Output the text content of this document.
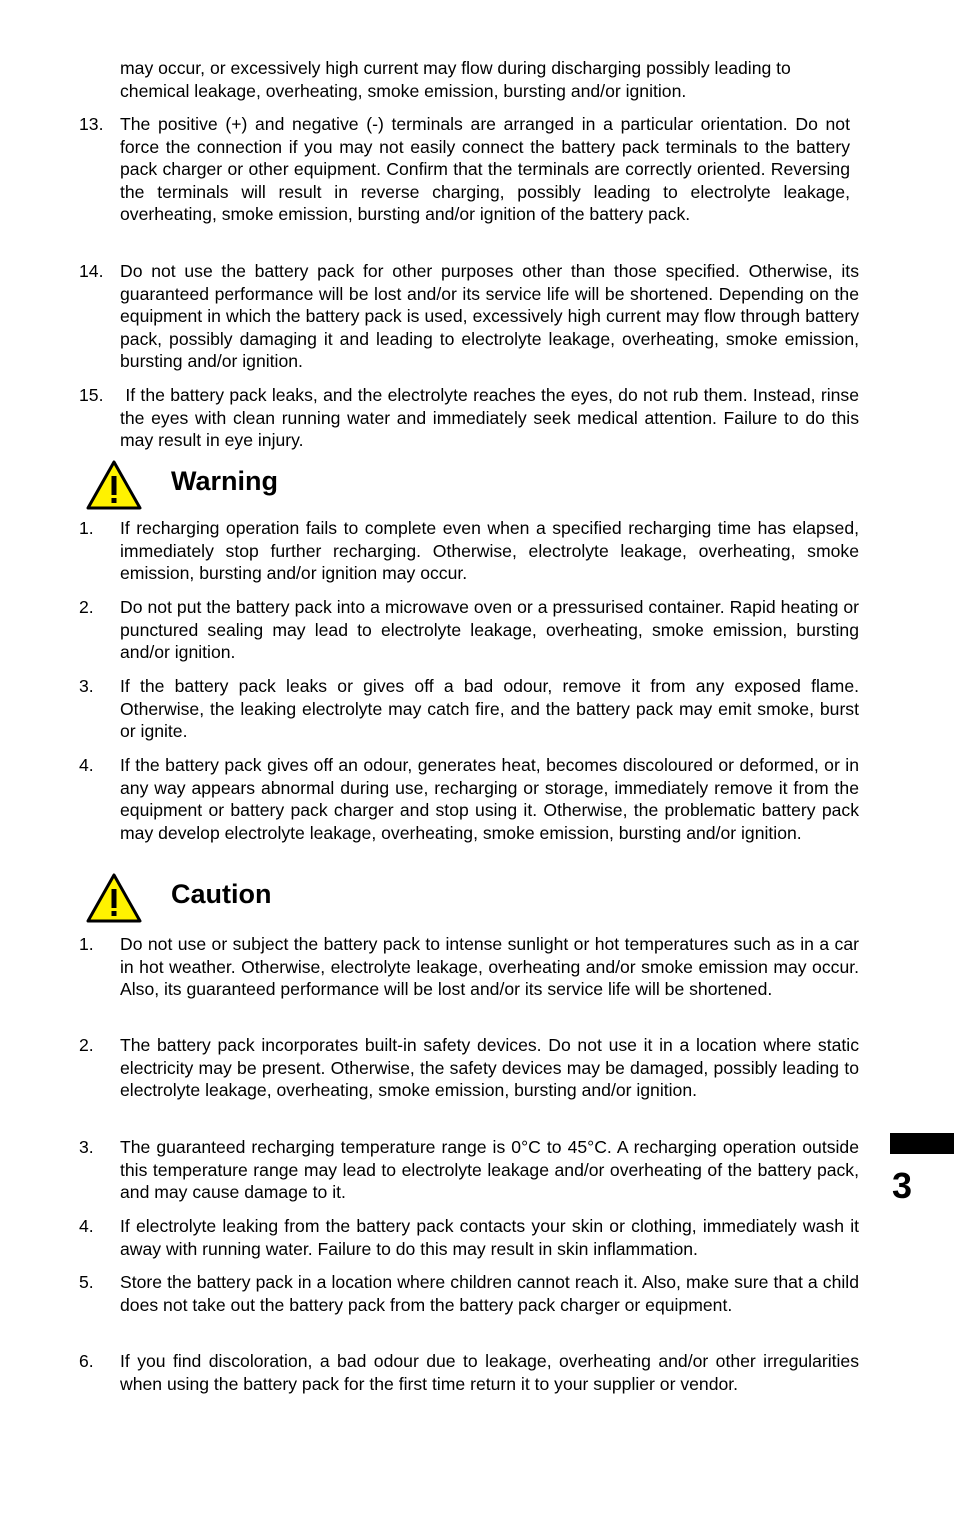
may occur, or excessively high current may flow during discharging possibly leading to chemical leakage, overheating, smoke emission, bursting and/or ignition.
13. The positive (+) and negative (-) terminals are arranged in a particular orientation. Do not force the connection if you may not easily connect the battery pack terminals to the battery pack charger or other equipment. Confirm that the terminals are correctly oriented. Reversing the terminals will result in reverse charging, possibly leading to electrolyte leakage, overheating, smoke emission, bursting and/or ignition of the battery pack.
14. Do not use the battery pack for other purposes other than those specified. Otherwise, its guaranteed performance will be lost and/or its service life will be shortened. Depending on the equipment in which the battery pack is used, excessively high current may flow through battery pack, possibly damaging it and leading to electrolyte leakage, overheating, smoke emission, bursting and/or ignition.
15. If the battery pack leaks, and the electrolyte reaches the eyes, do not rub them. Instead, rinse the eyes with clean running water and immediately seek medical attention. Failure to do this may result in eye injury.
Warning
1. If recharging operation fails to complete even when a specified recharging time has elapsed, immediately stop further recharging. Otherwise, electrolyte leakage, overheating, smoke emission, bursting and/or ignition may occur.
2. Do not put the battery pack into a microwave oven or a pressurised container. Rapid heating or punctured sealing may lead to electrolyte leakage, overheating, smoke emission, bursting and/or ignition.
3. If the battery pack leaks or gives off a bad odour, remove it from any exposed flame. Otherwise, the leaking electrolyte may catch fire, and the battery pack may emit smoke, burst or ignite.
4. If the battery pack gives off an odour, generates heat, becomes discoloured or deformed, or in any way appears abnormal during use, recharging or storage, immediately remove it from the equipment or battery pack charger and stop using it. Otherwise, the problematic battery pack may develop electrolyte leakage, overheating, smoke emission, bursting and/or ignition.
Caution
1. Do not use or subject the battery pack to intense sunlight or hot temperatures such as in a car in hot weather. Otherwise, electrolyte leakage, overheating and/or smoke emission may occur. Also, its guaranteed performance will be lost and/or its service life will be shortened.
2. The battery pack incorporates built-in safety devices. Do not use it in a location where static electricity may be present. Otherwise, the safety devices may be damaged, possibly leading to electrolyte leakage, overheating, smoke emission, bursting and/or ignition.
3. The guaranteed recharging temperature range is 0°C to 45°C. A recharging operation outside this temperature range may lead to electrolyte leakage and/or overheating of the battery pack, and may cause damage to it.
4. If electrolyte leaking from the battery pack contacts your skin or clothing, immediately wash it away with running water. Failure to do this may result in skin inflammation.
5. Store the battery pack in a location where children cannot reach it. Also, make sure that a child does not take out the battery pack from the battery pack charger or equipment.
6. If you find discoloration, a bad odour due to leakage, overheating and/or other irregularities when using the battery pack for the first time return it to your supplier or vendor.
3
